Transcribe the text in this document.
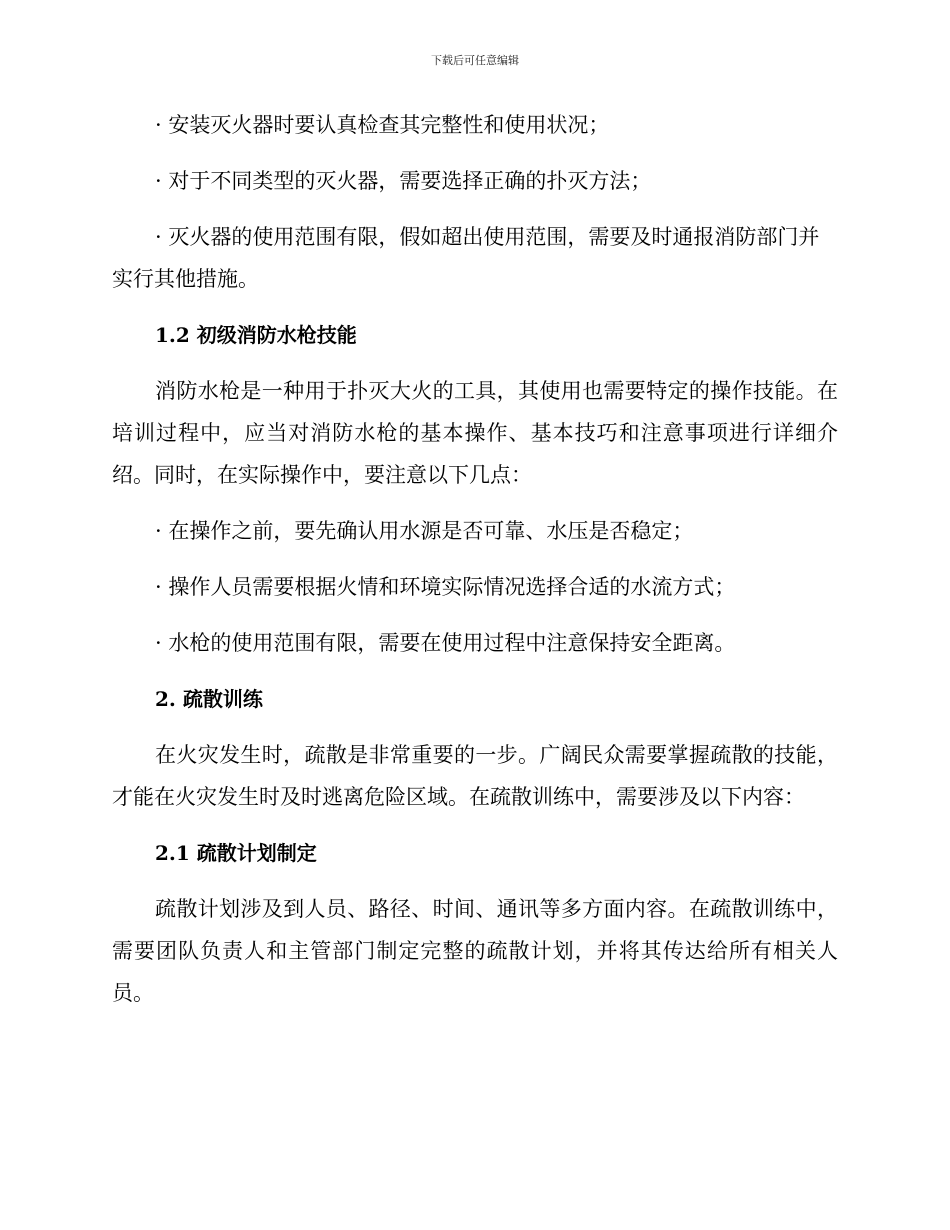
下载后可任意编辑

· 安装灭火器时要认真检查其完整性和使用状况；

· 对于不同类型的灭火器，需要选择正确的扑灭方法；

· 灭火器的使用范围有限，假如超出使用范围，需要及时通报消防部门并实行其他措施。

1.2 初级消防水枪技能

消防水枪是一种用于扑灭大火的工具，其使用也需要特定的操作技能。在培训过程中，应当对消防水枪的基本操作、基本技巧和注意事项进行详细介绍。同时，在实际操作中，要注意以下几点：

· 在操作之前，要先确认用水源是否可靠、水压是否稳定；

· 操作人员需要根据火情和环境实际情况选择合适的水流方式；

· 水枪的使用范围有限，需要在使用过程中注意保持安全距离。

2. 疏散训练

在火灾发生时，疏散是非常重要的一步。广阔民众需要掌握疏散的技能，才能在火灾发生时及时逃离危险区域。在疏散训练中，需要涉及以下内容：

2.1 疏散计划制定

疏散计划涉及到人员、路径、时间、通讯等多方面内容。在疏散训练中，需要团队负责人和主管部门制定完整的疏散计划，并将其传达给所有相关人员。
